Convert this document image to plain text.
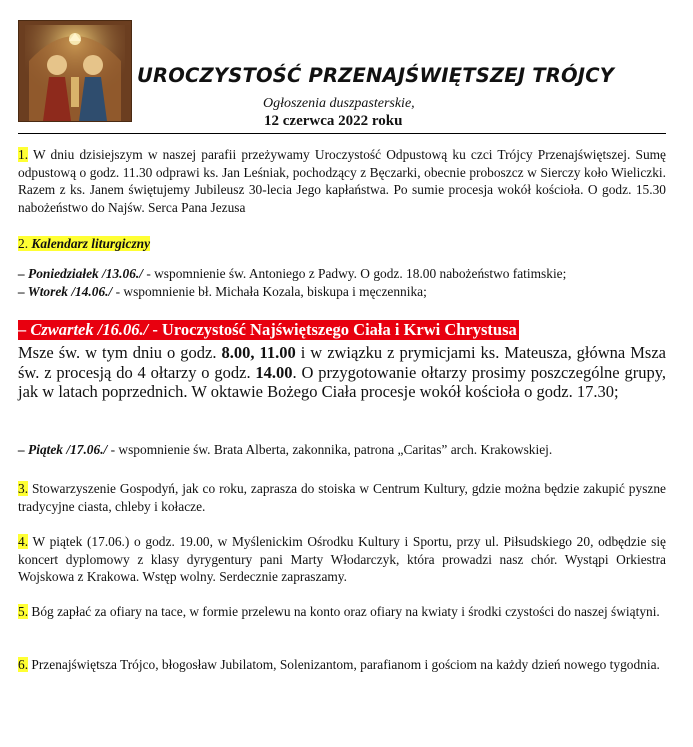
UROCZYSTOŚĆ PRZENAJŚWIĘTSZEJ TRÓJCY
Ogłoszenia duszpasterskie,
12 czerwca 2022 roku
1. W dniu dzisiejszym w naszej parafii przeżywamy Uroczystość Odpustową ku czci Trójcy Przenajświętszej. Sumę odpustową o godz. 11.30 odprawi ks. Jan Leśniak, pochodzący z Bęczarki, obecnie proboszcz w Sierczy koło Wieliczki. Razem z ks. Janem świętujemy Jubileusz 30-lecia Jego kapłaństwa. Po sumie procesja wokół kościoła. O godz. 15.30 nabożeństwo do Najśw. Serca Pana Jezusa
2. Kalendarz liturgiczny
– Poniedziałek /13.06./ - wspomnienie św. Antoniego z Padwy. O godz. 18.00 nabożeństwo fatimskie;
– Wtorek /14.06./ - wspomnienie bł. Michała Kozala, biskupa i męczennika;
– Czwartek /16.06./ - Uroczystość Najświętszego Ciała i Krwi Chrystusa
Msze św. w tym dniu o godz. 8.00, 11.00 i w związku z prymicjami ks. Mateusza, główna Msza św. z procesją do 4 ołtarzy o godz. 14.00. O przygotowanie ołtarzy prosimy poszczególne grupy, jak w latach poprzednich. W oktawie Bożego Ciała procesje wokół kościoła o godz. 17.30;
– Piątek /17.06./ - wspomnienie św. Brata Alberta, zakonnika, patrona „Caritas” arch. Krakowskiej.
3. Stowarzyszenie Gospodyń, jak co roku, zaprasza do stoiska w Centrum Kultury, gdzie można będzie zakupić pyszne tradycyjne ciasta, chleby i kołacze.
4. W piątek (17.06.) o godz. 19.00, w Myślenickim Ośrodku Kultury i Sportu, przy ul. Piłsudskiego 20, odbędzie się koncert dyplomowy z klasy dyrygentury pani Marty Włodarczyk, która prowadzi nasz chór. Wystąpi Orkiestra Wojskowa z Krakowa. Wstęp wolny. Serdecznie zapraszamy.
5. Bóg zapłać za ofiary na tace, w formie przelewu na konto oraz ofiary na kwiaty i środki czystości do naszej świątyni.
6. Przenajświętsza Trójco, błogosław Jubilatom, Solenizantom, parafianom i gościom na każdy dzień nowego tygodnia.
